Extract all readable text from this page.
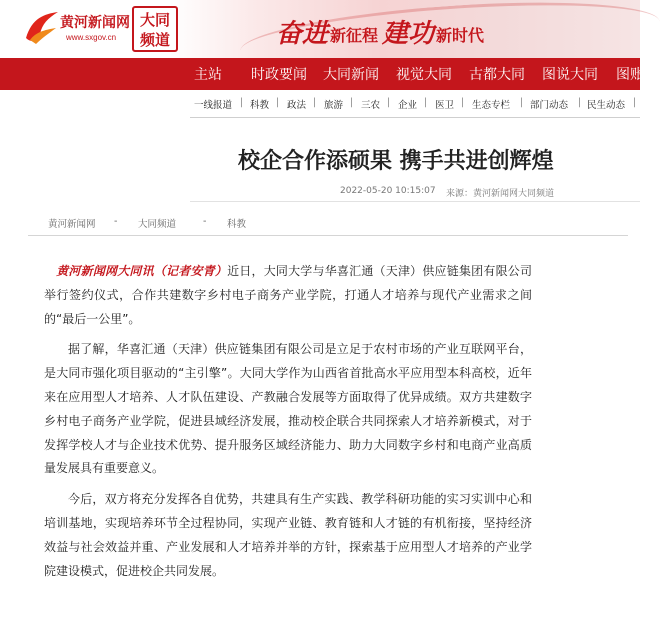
黄河新闻网
www.sxgov.cn
大同
频道	奋进 新征程 建功 新时代
主站 时政要闻 大同新闻 视觉大同 古都大同 图说大同 图账
一线报道 | 科教 | 政法 | 旅游 | 三农 | 企业 | 医卫 | 生态专栏 | 部门动态 | 民生动态 |
校企合作添硕果 携手共进创辉煌
2022-05-20 10:15:07 来源：黄河新闻网大同频道
黄河新闻网 - 大同频道	- 科教

 黄河新闻网大同讯（记者安青）近日，大同大学与华喜汇通（天津）供应链集团有限公司举行签约仪式，合作共建数字乡村电子商务产业学院，打通人才培养与现代产业需求之间的“最后一公里”。

据了解，华喜汇通（天津）供应链集团有限公司是立足于农村市场的产业互联网平台，是大同市强化项目驱动的“主引擎”。大同大学作为山西省首批高水平应用型本科高校，近年来在应用型人才培养、人才队伍建设、产教融合发展等方面取得了优异成绩。双方共建数字乡村电子商务产业学院，促进县域经济发展，推动校企联合共同探索人才培养新模式，对于发挥学校人才与企业技术优势、提升服务区域经济能力、助力大同数字乡村和电商产业高质量发展具有重要意义。

今后，双方将充分发挥各自优势，共建具有生产实践、教学科研功能的实习实训中心和培训基地，实现培养环节全过程协同，实现产业链、教育链和人才链的有机衔接，坚持经济效益与社会效益并重、产业发展和人才培养并举的方针，探索基于应用型人才培养的产业学院建设模式，促进校企共同发展。
